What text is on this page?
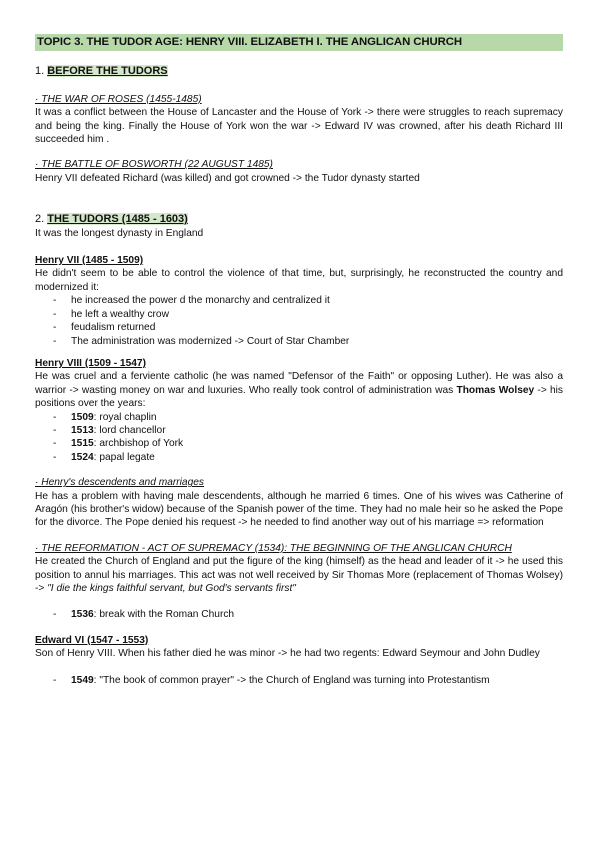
TOPIC 3. THE TUDOR AGE: HENRY VIII. ELIZABETH I. THE ANGLICAN CHURCH
1. BEFORE THE TUDORS
· THE WAR OF ROSES (1455-1485)
It was a conflict between the House of Lancaster and the House of York -> there were struggles to reach supremacy and being the king. Finally the House of York won the war -> Edward IV was crowned, after his death Richard III succeeded him .
· THE BATTLE OF BOSWORTH (22 AUGUST 1485)
Henry VII defeated Richard (was killed) and got crowned -> the Tudor dynasty started
2. THE TUDORS (1485 - 1603)
It was the longest dynasty in England
Henry VII (1485 - 1509)
He didn't seem to be able to control the violence of that time, but, surprisingly, he reconstructed the country and modernized it:
- he increased the power d the monarchy and centralized it
- he left a wealthy crow
- feudalism returned
- The administration was modernized -> Court of Star Chamber
Henry VIII (1509 - 1547)
He was cruel and a ferviente catholic (he was named "Defensor of the Faith" or opposing Luther). He was also a warrior -> wasting money on war and luxuries. Who really took control of administration was Thomas Wolsey -> his positions over the years:
- 1509: royal chaplin
- 1513: lord chancellor
- 1515: archbishop of York
- 1524: papal legate
· Henry's descendents and marriages
He has a problem with having male descendents, although he married 6 times. One of his wives was Catherine of Aragón (his brother's widow) because of the Spanish power of the time. They had no male heir so he asked the Pope for the divorce. The Pope denied his request -> he needed to find another way out of his marriage => reformation
· THE REFORMATION - ACT OF SUPREMACY (1534): THE BEGINNING OF THE ANGLICAN CHURCH
He created the Church of England and put the figure of the king (himself) as the head and leader of it -> he used this position to annul his marriages. This act was not well received by Sir Thomas More (replacement of Thomas Wolsey) -> "I die the kings faithful servant, but God's servants first"
- 1536: break with the Roman Church
Edward VI (1547 - 1553)
Son of Henry VIII. When his father died he was minor -> he had two regents: Edward Seymour and John Dudley
- 1549: "The book of common prayer" -> the Church of England was turning into Protestantism
